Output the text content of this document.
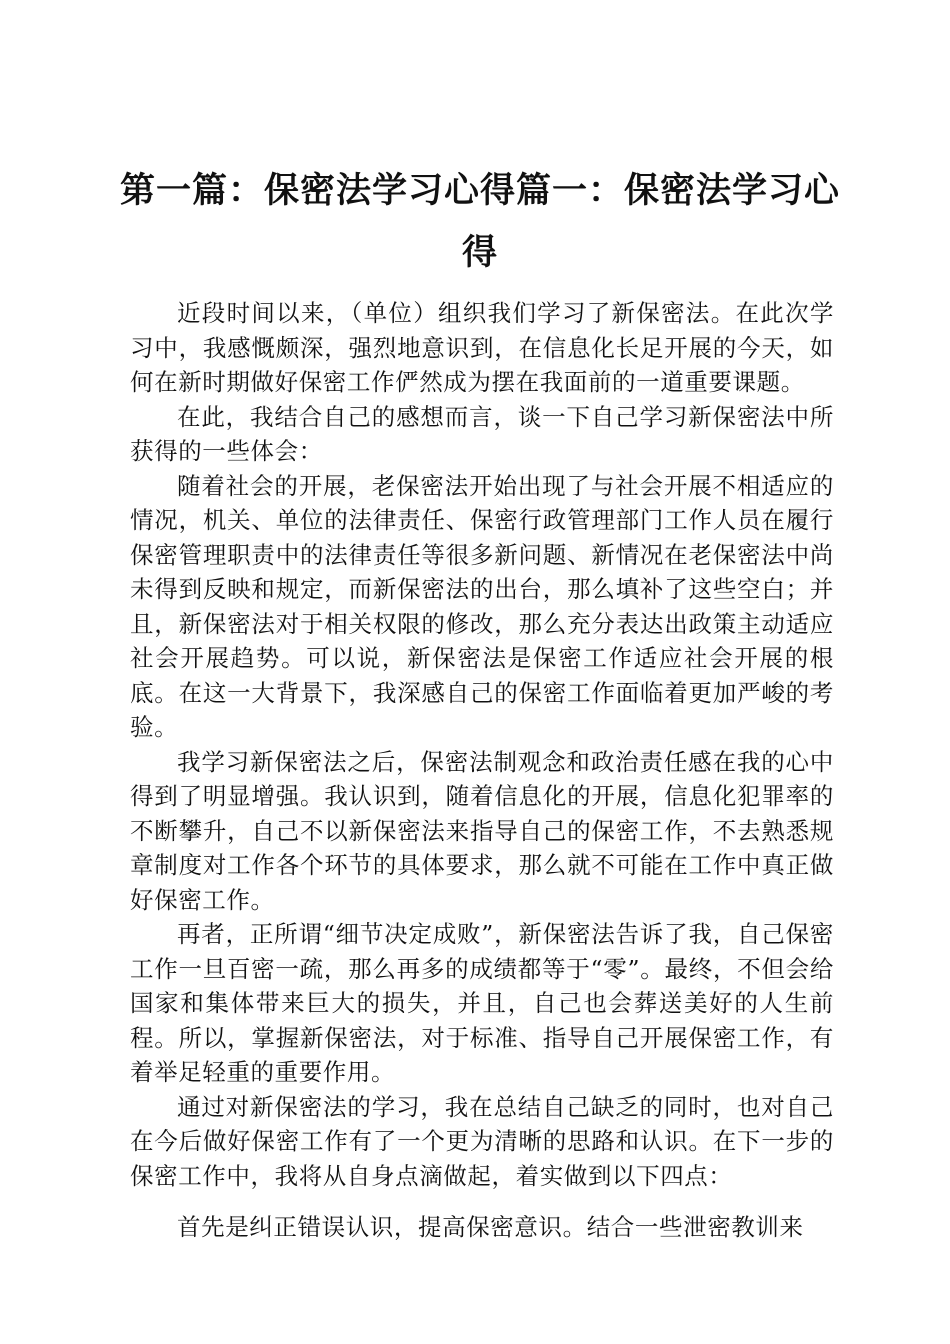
第一篇：保密法学习心得篇一：保密法学习心得

近段时间以来，（单位）组织我们学习了新保密法。在此次学习中，我感慨颇深，强烈地意识到，在信息化长足开展的今天，如何在新时期做好保密工作俨然成为摆在我面前的一道重要课题。

在此，我结合自己的感想而言，谈一下自己学习新保密法中所获得的一些体会：

随着社会的开展，老保密法开始出现了与社会开展不相适应的情况，机关、单位的法律责任、保密行政管理部门工作人员在履行保密管理职责中的法律责任等很多新问题、新情况在老保密法中尚未得到反映和规定，而新保密法的出台，那么填补了这些空白；并且，新保密法对于相关权限的修改，那么充分表达出政策主动适应社会开展趋势。可以说，新保密法是保密工作适应社会开展的根底。在这一大背景下，我深感自己的保密工作面临着更加严峻的考验。

我学习新保密法之后，保密法制观念和政治责任感在我的心中得到了明显增强。我认识到，随着信息化的开展，信息化犯罪率的不断攀升，自己不以新保密法来指导自己的保密工作，不去熟悉规章制度对工作各个环节的具体要求，那么就不可能在工作中真正做好保密工作。

再者，正所谓“细节决定成败”，新保密法告诉了我，自己保密工作一旦百密一疏，那么再多的成绩都等于“零”。最终，不但会给国家和集体带来巨大的损失，并且，自己也会葬送美好的人生前程。所以，掌握新保密法，对于标准、指导自己开展保密工作，有着举足轻重的重要作用。

通过对新保密法的学习，我在总结自己缺乏的同时，也对自己在今后做好保密工作有了一个更为清晰的思路和认识。在下一步的保密工作中，我将从自身点滴做起，着实做到以下四点：

首先是纠正错误认识，提高保密意识。结合一些泄密教训来
